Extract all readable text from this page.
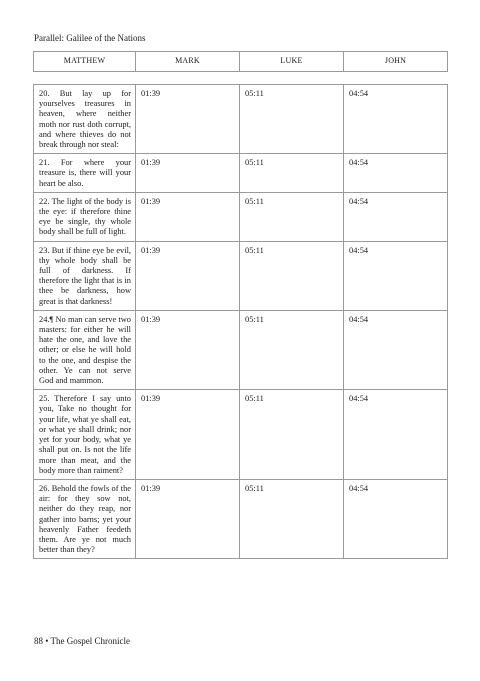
Parallel: Galilee of the Nations
MATTHEW	MARK	LUKE	JOHN

20. But lay up for yourselves treasures in heaven, where neither moth nor rust doth corrupt, and where thieves do not break through nor steal:	01:39	05:11	04:54
21. For where your treasure is, there will your heart be also.	01:39	05:11	04:54
22. The light of the body is the eye: if therefore thine eye be single, thy whole body shall be full of light.	01:39	05:11	04:54
23. But if thine eye be evil, thy whole body shall be full of darkness. If therefore the light that is in thee be darkness, how great is that darkness!	01:39	05:11	04:54
24.¶ No man can serve two masters: for either he will hate the one, and love the other; or else he will hold to the one, and despise the other. Ye can not serve God and mammon.	01:39	05:11	04:54
25. Therefore I say unto you, Take no thought for your life, what ye shall eat, or what ye shall drink; nor yet for your body, what ye shall put on. Is not the life more than meat, and the body more than raiment?	01:39	05:11	04:54
26. Behold the fowls of the air: for they sow not, neither do they reap, nor gather into barns; yet your heavenly Father feedeth them. Are ye not much better than they?	01:39	05:11	04:54
88 • The Gospel Chronicle
